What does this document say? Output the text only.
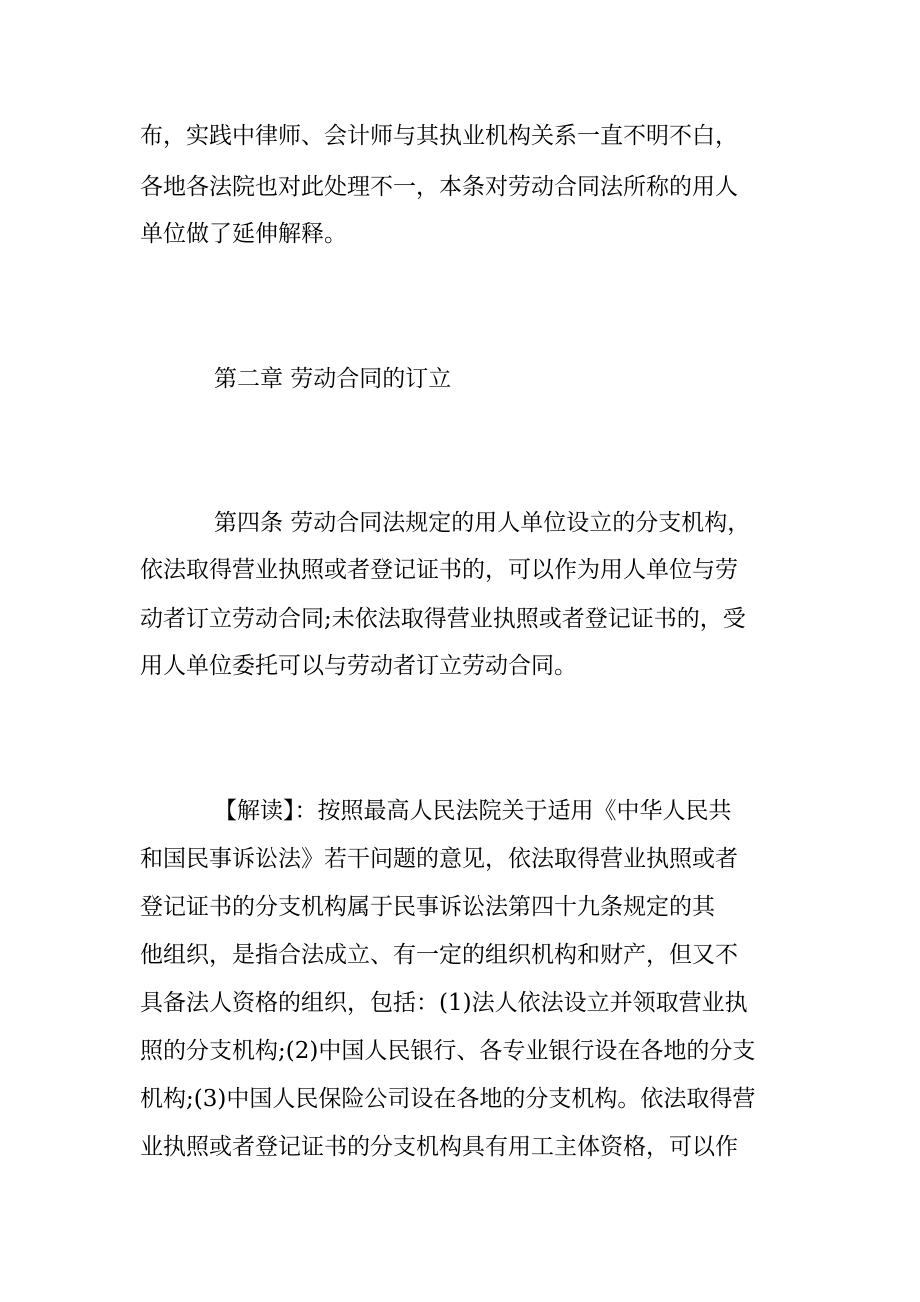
布，实践中律师、会计师与其执业机构关系一直不明不白，

各地各法院也对此处理不一，本条对劳动合同法所称的用人

单位做了延伸解释。

第二章 劳动合同的订立

第四条 劳动合同法规定的用人单位设立的分支机构，

依法取得营业执照或者登记证书的，可以作为用人单位与劳

动者订立劳动合同;未依法取得营业执照或者登记证书的，受

用人单位委托可以与劳动者订立劳动合同。

【解读】：按照最高人民法院关于适用《中华人民共

和国民事诉讼法》若干问题的意见，依法取得营业执照或者

登记证书的分支机构属于民事诉讼法第四十九条规定的其

他组织，是指合法成立、有一定的组织机构和财产，但又不

具备法人资格的组织，包括：(1)法人依法设立并领取营业执

照的分支机构;(2)中国人民银行、各专业银行设在各地的分支

机构;(3)中国人民保险公司设在各地的分支机构。依法取得营

业执照或者登记证书的分支机构具有用工主体资格，可以作
